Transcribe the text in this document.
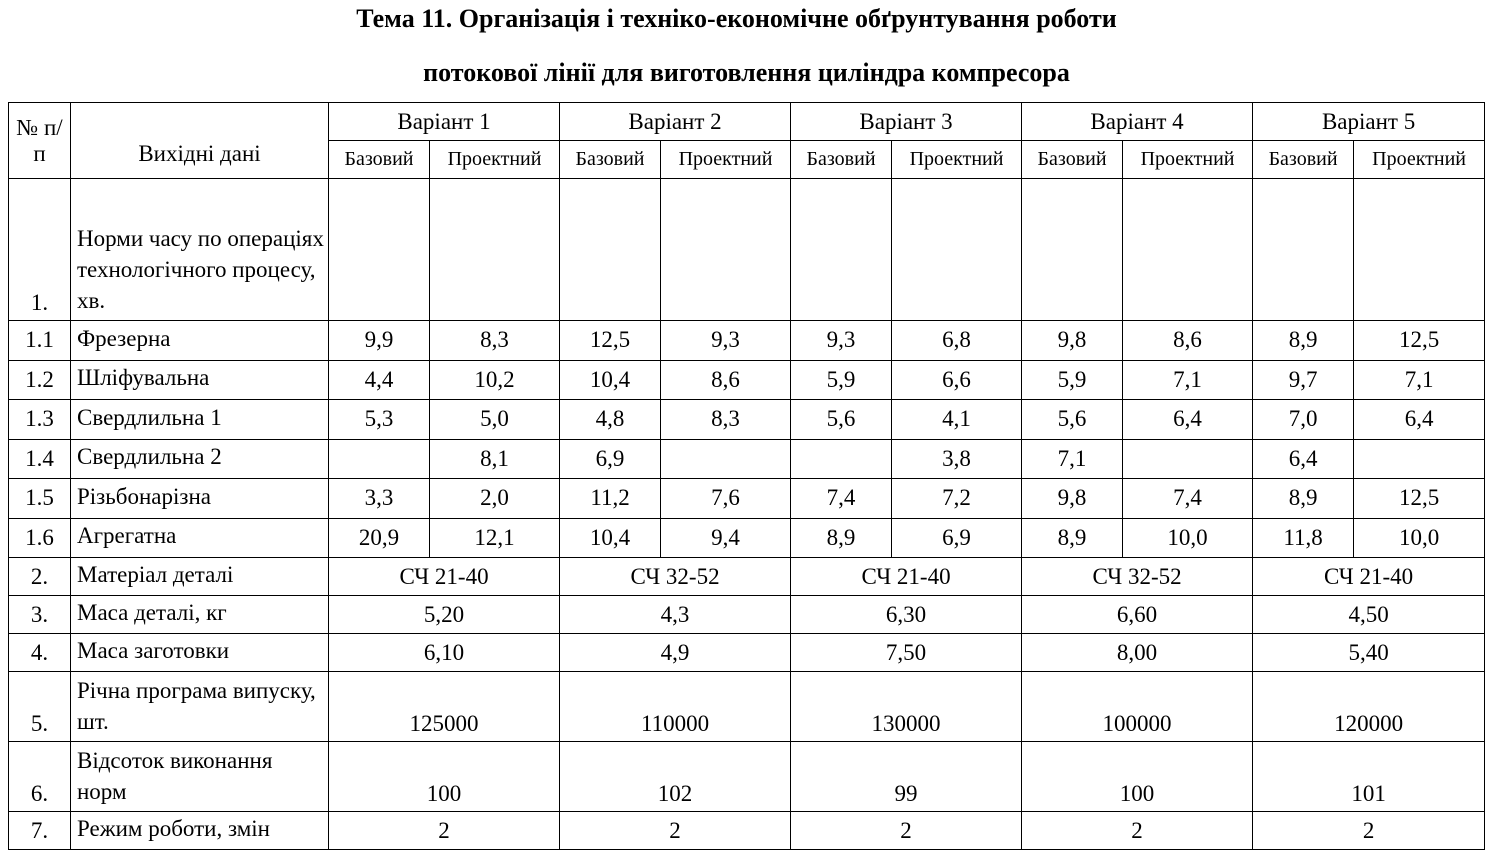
Тема 11. Організація і техніко-економічне обґрунтування роботи
потокової лінії для виготовлення циліндра компресора
№ п/п	Вихідні дані	Варіант 1		Варіант 2		Варіант 3		Варіант 4		Варіант 5	
		Базовий	Проектний	Базовий	Проектний	Базовий	Проектний	Базовий	Проектний	Базовий	Проектний
1.	Норми часу по операціях технологічного процесу, хв.										
1.1	Фрезерна	9,9	8,3	12,5	9,3	9,3	6,8	9,8	8,6	8,9	12,5
1.2	Шліфувальна	4,4	10,2	10,4	8,6	5,9	6,6	5,9	7,1	9,7	7,1
1.3	Свердлильна 1	5,3	5,0	4,8	8,3	5,6	4,1	5,6	6,4	7,0	6,4
1.4	Свердлильна 2		8,1	6,9			3,8	7,1		6,4	
1.5	Різьбонарізна	3,3	2,0	11,2	7,6	7,4	7,2	9,8	7,4	8,9	12,5
1.6	Агрегатна	20,9	12,1	10,4	9,4	8,9	6,9	8,9	10,0	11,8	10,0
2.	Матеріал деталі	СЧ 21-40		СЧ 32-52		СЧ 21-40		СЧ 32-52		СЧ 21-40	
3.	Маса деталі, кг	5,20		4,3		6,30		6,60		4,50	
4.	Маса заготовки	6,10		4,9		7,50		8,00		5,40	
5.	Річна програма випуску, шт.	125000		110000		130000		100000		120000	
6.	Відсоток виконання норм	100		102		99		100		101	
7.	Режим роботи, змін	2		2		2		2		2	
